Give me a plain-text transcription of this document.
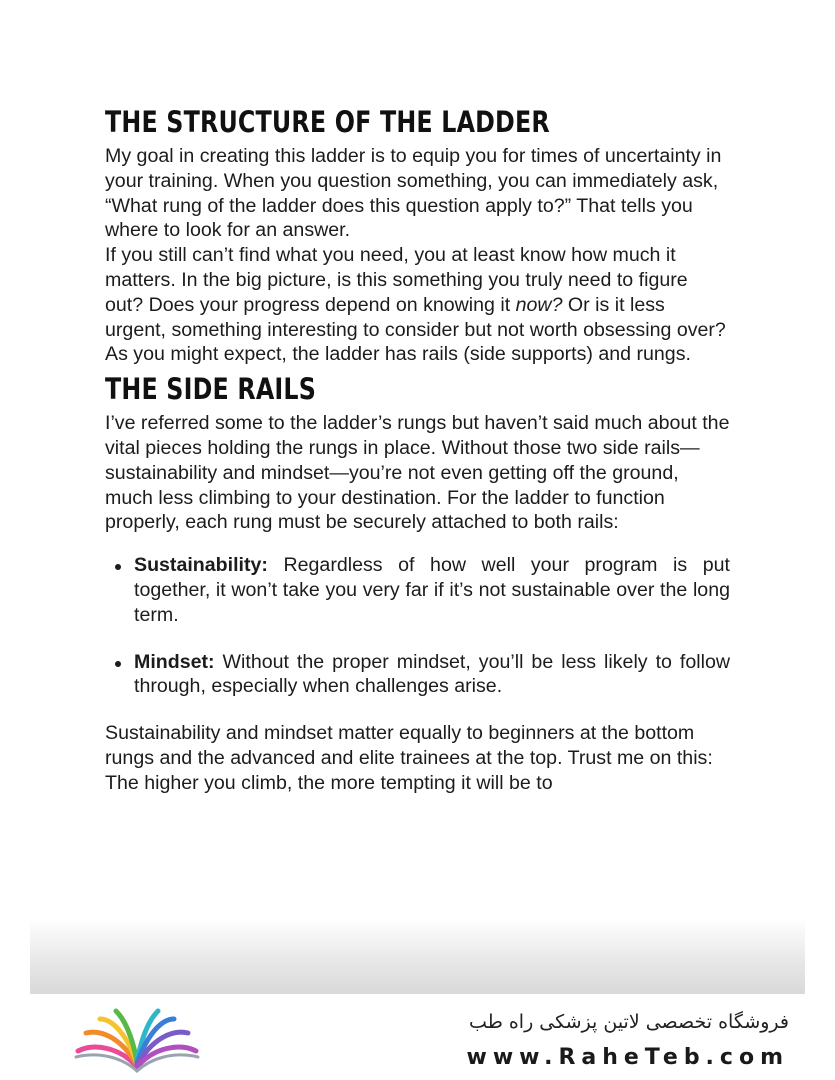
THE STRUCTURE OF THE LADDER

My goal in creating this ladder is to equip you for times of uncertainty in your training. When you question something, you can immediately ask, “What rung of the ladder does this question apply to?” That tells you where to look for an answer.

If you still can’t find what you need, you at least know how much it matters. In the big picture, is this something you truly need to figure out? Does your progress depend on knowing it now? Or is it less urgent, something interesting to consider but not worth obsessing over?

As you might expect, the ladder has rails (side supports) and rungs.

THE SIDE RAILS

I’ve referred some to the ladder’s rungs but haven’t said much about the vital pieces holding the rungs in place. Without those two side rails—sustainability and mindset—you’re not even getting off the ground, much less climbing to your destination. For the ladder to function properly, each rung must be securely attached to both rails:

Sustainability: Regardless of how well your program is put together, it won’t take you very far if it’s not sustainable over the long term.
Mindset: Without the proper mindset, you’ll be less likely to follow through, especially when challenges arise.

Sustainability and mindset matter equally to beginners at the bottom rungs and the advanced and elite trainees at the top. Trust me on this: The higher you climb, the more tempting it will be to

فروشگاه تخصصی لاتین پزشکی راه طب
www.RaheTeb.com
